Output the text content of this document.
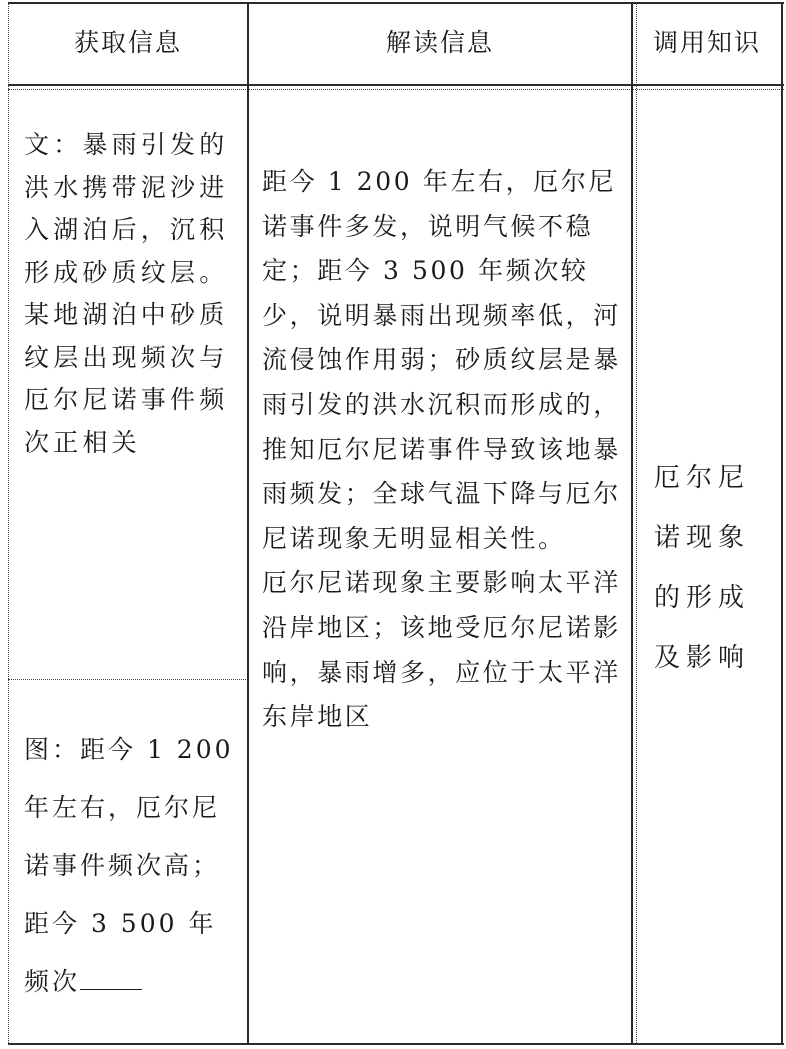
获取信息	解读信息	调用知识
文：暴雨引发的洪水携带泥沙进入湖泊后，沉积形成砂质纹层。某地湖泊中砂质纹层出现频次与厄尔尼诺事件频次正相关
图：距今 1 200 年左右，厄尔尼诺事件频次高；距今 3 500 年频次
距今 1 200 年左右，厄尔尼诺事件多发，说明气候不稳定；距今 3 500 年频次较少，说明暴雨出现频率低，河流侵蚀作用弱；砂质纹层是暴雨引发的洪水沉积而形成的，推知厄尔尼诺事件导致该地暴雨频发；全球气温下降与厄尔尼诺现象无明显相关性。
厄尔尼诺现象主要影响太平洋沿岸地区；该地受厄尔尼诺影响，暴雨增多，应位于太平洋东岸地区
厄尔尼诺现象的形成及影响
